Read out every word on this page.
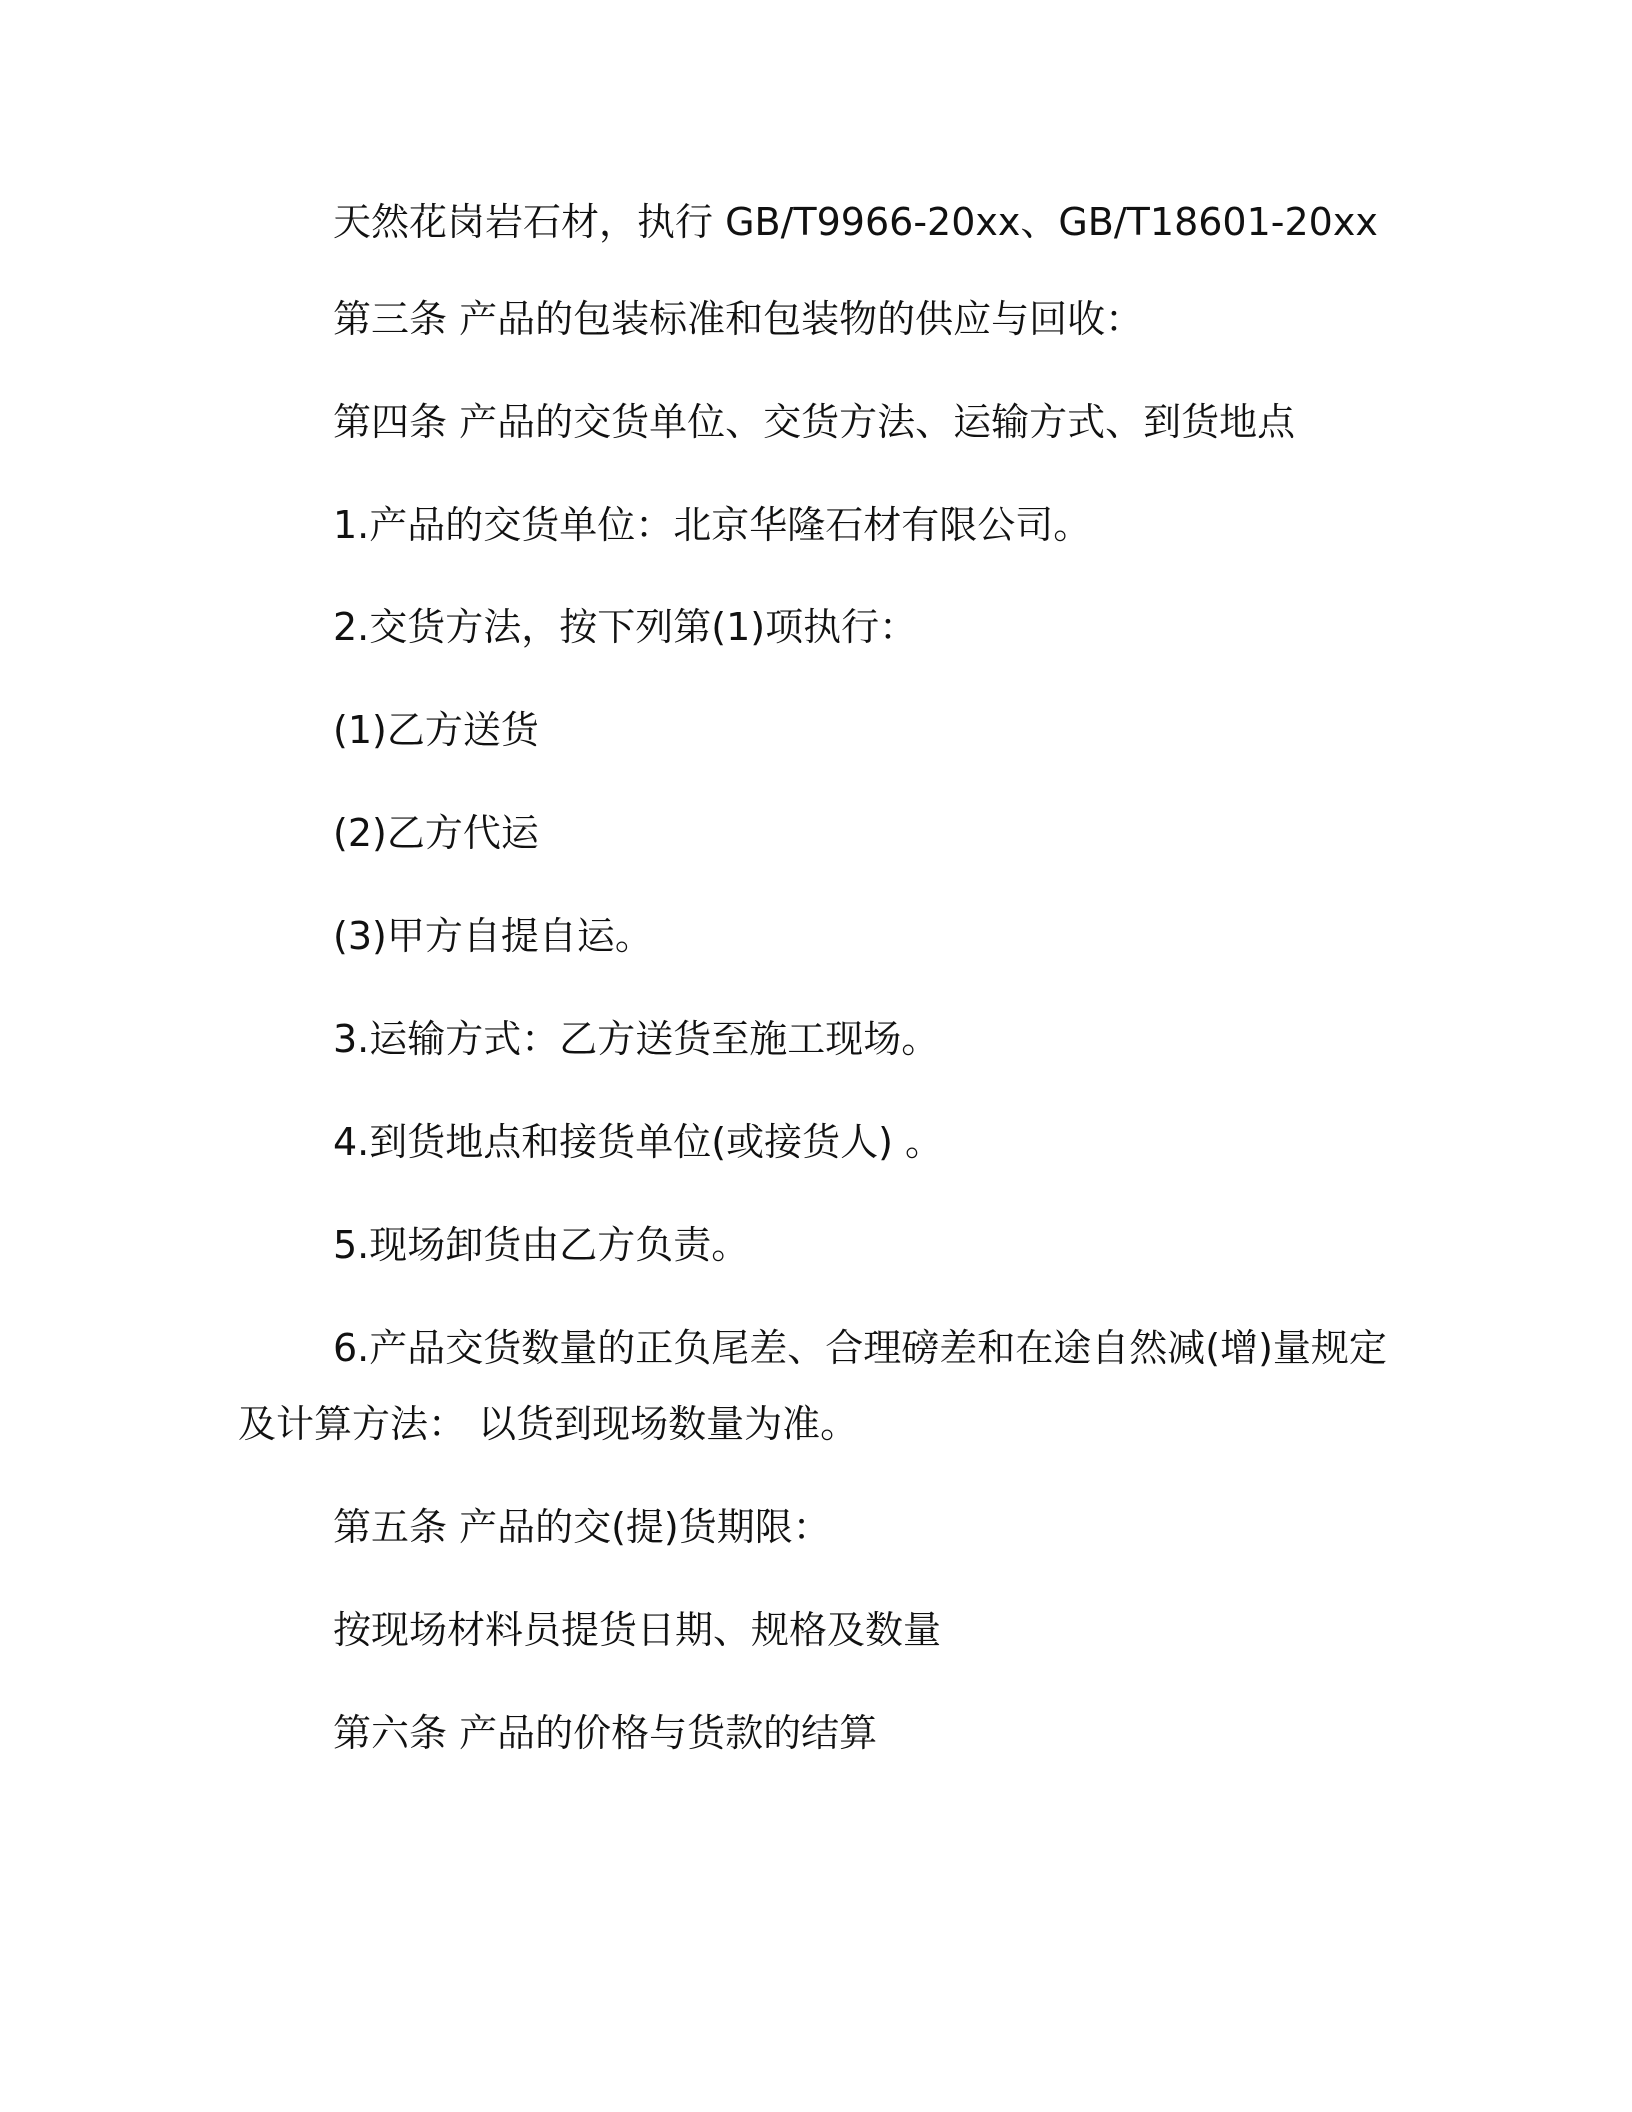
天然花岗岩石材，执行 GB/T9966-20xx、GB/T18601-20xx
第三条 产品的包装标准和包装物的供应与回收：
第四条 产品的交货单位、交货方法、运输方式、到货地点
1.产品的交货单位：北京华隆石材有限公司。
2.交货方法，按下列第(1)项执行：
(1)乙方送货
(2)乙方代运
(3)甲方自提自运。
3.运输方式：乙方送货至施工现场。
4.到货地点和接货单位(或接货人) 。
5.现场卸货由乙方负责。
6.产品交货数量的正负尾差、合理磅差和在途自然减(增)量规定
及计算方法： 以货到现场数量为准。
第五条 产品的交(提)货期限：
按现场材料员提货日期、规格及数量
第六条 产品的价格与货款的结算
